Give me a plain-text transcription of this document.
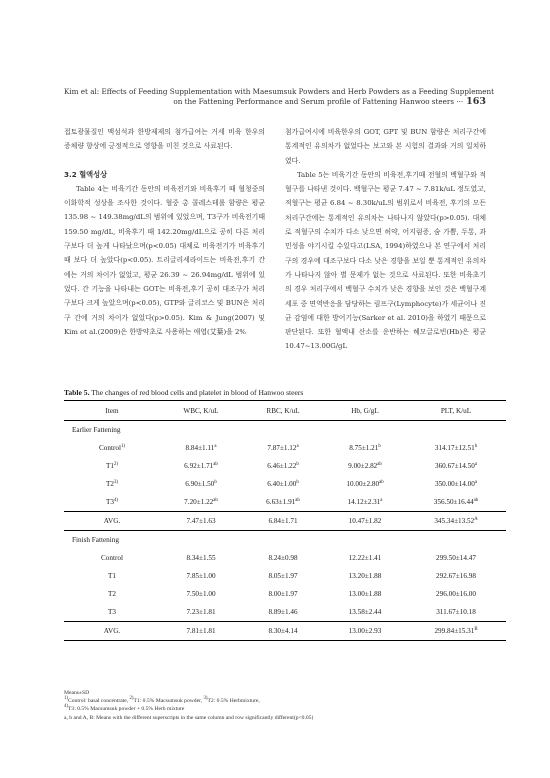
Kim et al: Effects of Feeding Supplementation with Maesumsuk Powders and Herb Powders as a Feeding Supplement
on the Fattening Performance and Serum profile of Fattening Hanwoo steers ··· 163

접토광물질인 맥섬석과 한방제제의 첨가급여는 거세 비육 한우의 증체량 향상에 긍정적으로 영향을 미친 것으로 사료된다.

3.2 혈액성상

Table 4는 비육기간 동안의 비육전기와 비육후기 때 혈청중의 이화학적 성상을 조사한 것이다. 혈중 총 콜레스테롤 함량은 평균 135.98 ~ 149.38mg/dL의 범위에 있었으며, T3구가 비육전기때 159.50 mg/dL, 비육후기 때 142.20mg/dL으로 공히 다른 처리구보다 더 높게 나타났으며(p<0.05) 대체로 비육전기가 비육후기때 보다 더 높았다(p<0.05). 트리글리세라이드는 비육전,후기 간에는 거의 차이가 없었고, 평균 26.39 ~ 26.94mg/dL 범위에 있었다. 간 기능을 나타내는 GOT는 비육전,후기 공히 대조구가 처리구보다 크게 높았으며(p<0.05), GTP와 글리코스 및 BUN은 처리구 간에 거의 차이가 없었다(p>0.05). Kim & Jung(2007) 및 Kim et al.(2009)은 한방약초로 사용하는 애엽(艾葉)을 2%

첨가급여시에 비육한우의 GOT, GPT 및 BUN 함량은 처리구간에 통계적인 유의차가 없었다는 보고와 본 시험의 결과와 거의 일치하였다.

Table 5는 비육기간 동안의 비육전,후기때 전혈의 백혈구와 적혈구를 나타낸 것이다. 백혈구는 평균 7.47 ~ 7.81k/uL 정도였고, 적혈구는 평균 6.84 ~ 8.30k/uL의 범위로서 비육전, 후기의 모든 처리구간에는 통계적인 유의차는 나타나지 않았다(p>0.05). 대체로 적혈구의 수치가 다소 낮으면 허약, 어지럼증, 숨 가쁨, 두통, 과민성을 야기시킬 수있다고(LSA, 1994)하였으나 본 연구에서 처리구의 경우에 대조구보다 다소 낮은 경향을 보일 뿐 통계적인 유의차가 나타나지 않아 별 문제가 없는 것으로 사료된다. 또한 비육초기의 경우 처리구에서 백혈구 수치가 낮은 경향을 보인 것은 백혈구계 세포 중 면역반응을 담당하는 림프구(Lymphocyte)가 세균이나 진균 감염에 대한 방어기능(Sarker et al. 2010)을 하였기 때문으로 판단된다. 또한 혈액내 산소를 운반하는 헤모글로빈(Hb)은 평균 10.47~13.00G/gL

Table 5. The changes of red blood cells and platelet in blood of Hanwoo steers
Item	WBC, K/uL	RBC, K/uL	Hb, G/gL	PLT, K/uL
Earlier Fattening				
Control$^{1)}$	8.84±1.11$^a$	7.87±1.12$^a$	8.75±1.21$^b$	314.17±12.51$^b$
T1$^{2)}$	6.92±1.71$^{ab}$	6.46±1.22$^b$	9.00±2.82$^{ab}$	360.67±14.50$^a$
T2$^{3)}$	6.90±1.50$^b$	6.40±1.00$^b$	10.00±2.80$^{ab}$	350.00±14.00$^a$
T3$^{4)}$	7.20±1.22$^{ab}$	6.63±1.91$^{ab}$	14.12±2.31$^a$	356.50±16.44$^{ab}$
AVG.	7.47±1.63	6.84±1.71	10.47±1.82	$345.34\pm 13.52^A$
Finish Fattening				
Control	8.34±1.55	8.24±0.98	12.22±1.41	299.50±14.47
T1	7.85±1.00	8.05±1.97	13.20±1.88	292.67±16.98
T2	7.50±1.00	8.00±1.97	13.00±1.88	296.00±16.00
T3	7.23±1.81	8.89±1.46	13.58±2.44	311.67±10.18
AVG.	7.81±1.81	8.30±4.14	13.00±2.93	$299.84\pm 15.31^B$
Means±SD
$^{1)}$Control: basal concentrate, $^{2)}$T1: 0.5% Macsumsuk powder, $^{3)}$T2: 0.5% Herbmixture,
$^{4)}$T3: 0.5% Macsumsuk powder + 0.5% Herb mixture
a, b and A, B: Means with the different superscripts in the same column and row significantly different(p<0.05)
